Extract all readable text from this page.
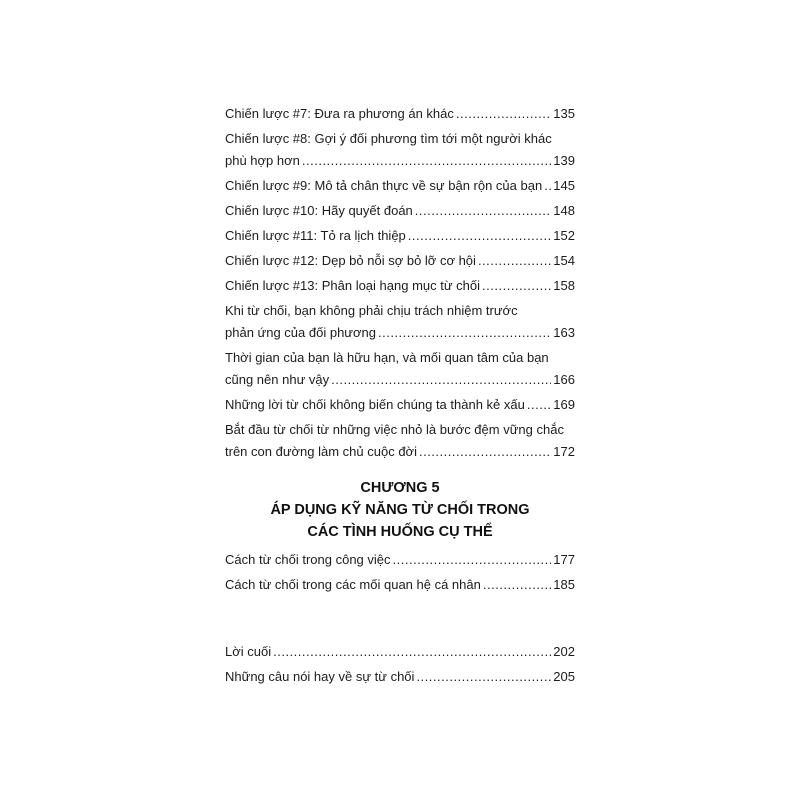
Chiến lược #7: Đưa ra phương án khác .....	135
Chiến lược #8: Gợi ý đối phương tìm tới một người khác
phù hợp hơn .....	139
Chiến lược #9: Mô tả chân thực về sự bận rộn của bạn ..... 145
Chiến lược #10: Hãy quyết đoán .....	148
Chiến lược #11: Tỏ ra lịch thiệp .....	152
Chiến lược #12: Dẹp bỏ nỗi sợ bỏ lỡ cơ hội .....	154
Chiến lược #13: Phân loại hạng mục từ chối .....	158
Khi từ chối, bạn không phải chịu trách nhiệm trước
phản ứng của đối phương .....	163
Thời gian của bạn là hữu hạn, và mối quan tâm của bạn
cũng nên như vậy .....	166
Những lời từ chối không biến chúng ta thành kẻ xấu ..... 169
Bắt đầu từ chối từ những việc nhỏ là bước đệm vững chắc
trên con đường làm chủ cuộc đời .....	172
CHƯƠNG 5
ÁP DỤNG KỸ NĂNG TỪ CHỐI TRONG
CÁC TÌNH HUỐNG CỤ THỂ
Cách từ chối trong công việc .....	177
Cách từ chối trong các mối quan hệ cá nhân .....	185
Lời cuối .....	202
Những câu nói hay về sự từ chối .....	205
